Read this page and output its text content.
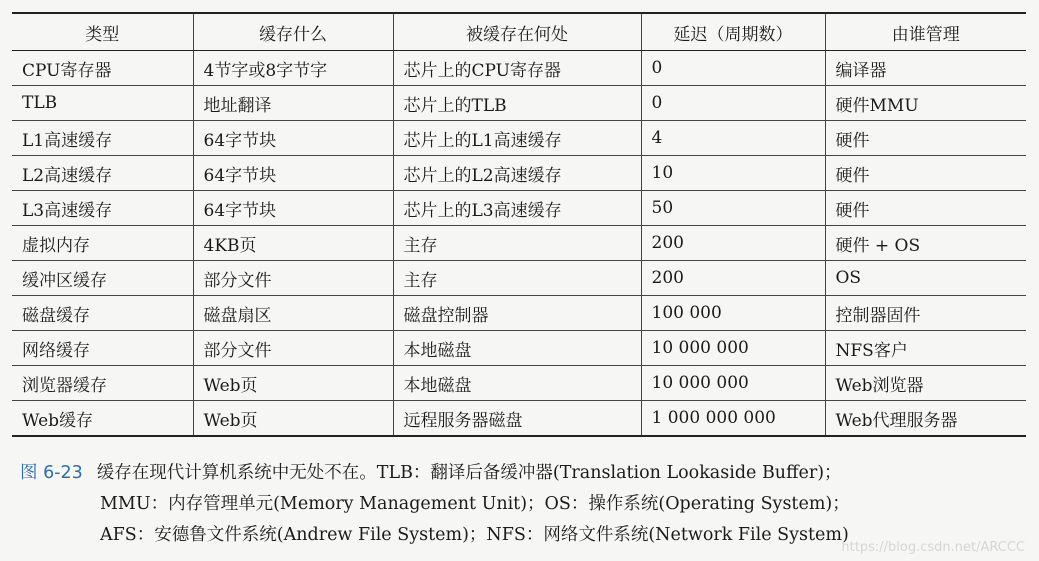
类型	缓存什么	被缓存在何处	延迟（周期数）	由谁管理
CPU寄存器	4节字或8字节字	芯片上的CPU寄存器	0	编译器
TLB	地址翻译	芯片上的TLB	0	硬件MMU
L1高速缓存	64字节块	芯片上的L1高速缓存	4	硬件
L2高速缓存	64字节块	芯片上的L2高速缓存	10	硬件
L3高速缓存	64字节块	芯片上的L3高速缓存	50	硬件
虚拟内存	4KB页	主存	200	硬件 + OS
缓冲区缓存	部分文件	主存	200	OS
磁盘缓存	磁盘扇区	磁盘控制器	100 000	控制器固件
网络缓存	部分文件	本地磁盘	10 000 000	NFS客户
浏览器缓存	Web页	本地磁盘	10 000 000	Web浏览器
Web缓存	Web页	远程服务器磁盘	1 000 000 000	Web代理服务器
图 6-23 缓存在现代计算机系统中无处不在。TLB：翻译后备缓冲器(Translation Lookaside Buffer)；
MMU：内存管理单元(Memory Management Unit)；OS：操作系统(Operating System)；
AFS：安德鲁文件系统(Andrew File System)；NFS：网络文件系统(Network File System)
https://blog.csdn.net/ARCCC
